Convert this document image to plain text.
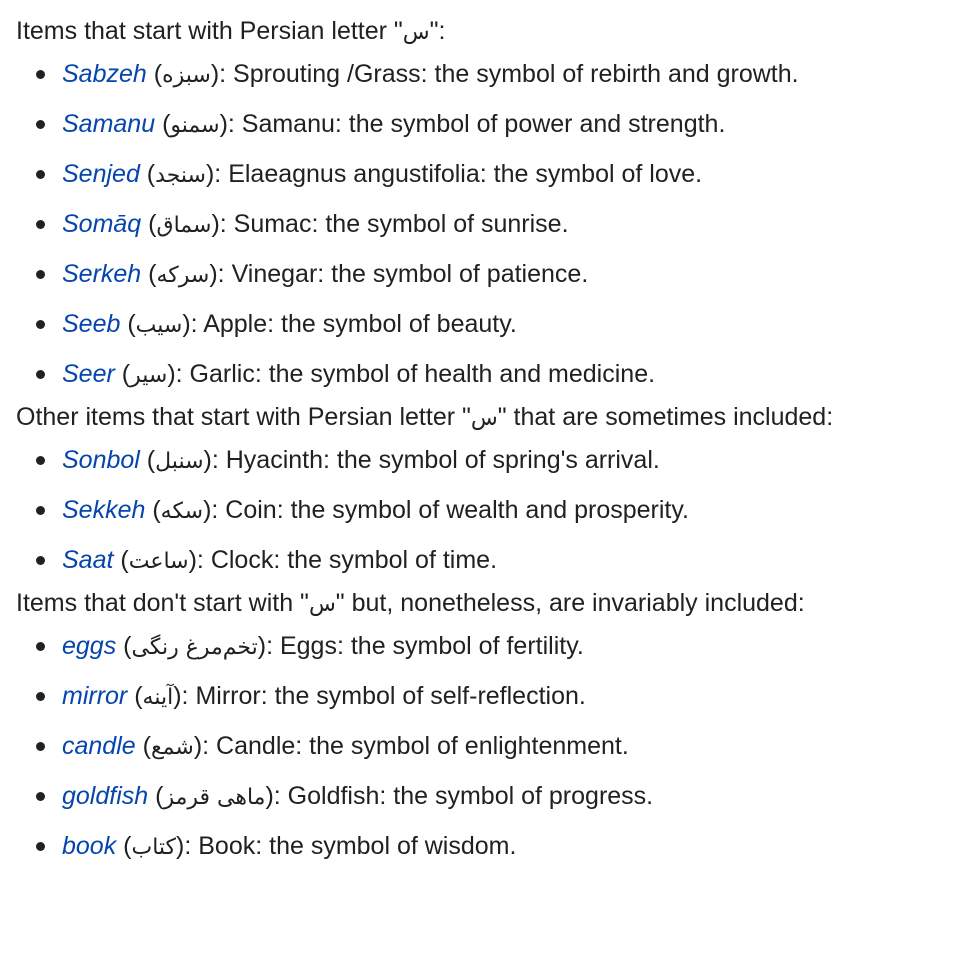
Items that start with Persian letter "س":

Sabzeh (سبزه): Sprouting /Grass: the symbol of rebirth and growth.
Samanu (سمنو): Samanu: the symbol of power and strength.
Senjed (سنجد): Elaeagnus angustifolia: the symbol of love.
Somāq (سماق): Sumac: the symbol of sunrise.
Serkeh (سرکه): Vinegar: the symbol of patience.
Seeb (سیب): Apple: the symbol of beauty.
Seer (سیر): Garlic: the symbol of health and medicine.

Other items that start with Persian letter "س" that are sometimes included:

Sonbol (سنبل): Hyacinth: the symbol of spring's arrival.
Sekkeh (سکه): Coin: the symbol of wealth and prosperity.
Saat (ساعت): Clock: the symbol of time.

Items that don't start with "س" but, nonetheless, are invariably included:

eggs (تخم‌مرغ رنگی): Eggs: the symbol of fertility.
mirror (آینه): Mirror: the symbol of self-reflection.
candle (شمع): Candle: the symbol of enlightenment.
goldfish (ماهی قرمز): Goldfish: the symbol of progress.
book (کتاب): Book: the symbol of wisdom.
